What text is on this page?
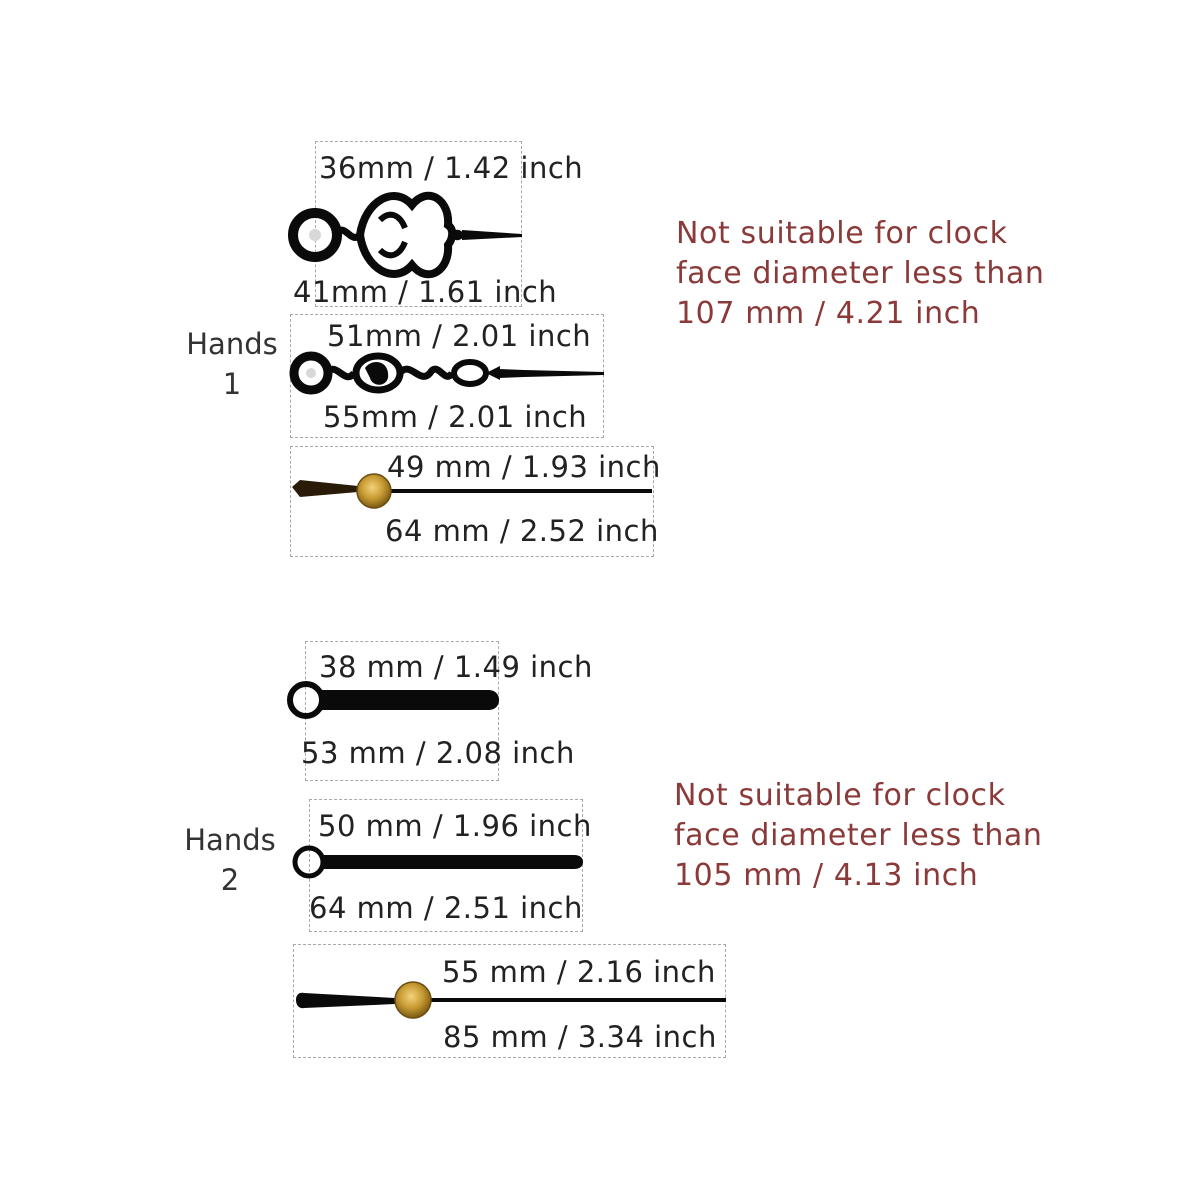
Hands
1
36mm / 1.42 inch
41mm / 1.61 inch
51mm / 2.01 inch
55mm / 2.01 inch
49 mm / 1.93 inch
64 mm / 2.52 inch
Not suitable for clock
face diameter less than
107 mm / 4.21 inch
Hands
2
38 mm / 1.49 inch
53 mm / 2.08 inch
50 mm / 1.96 inch
64 mm / 2.51 inch
55 mm / 2.16 inch
85 mm / 3.34 inch
Not suitable for clock
face diameter less than
105 mm / 4.13 inch
